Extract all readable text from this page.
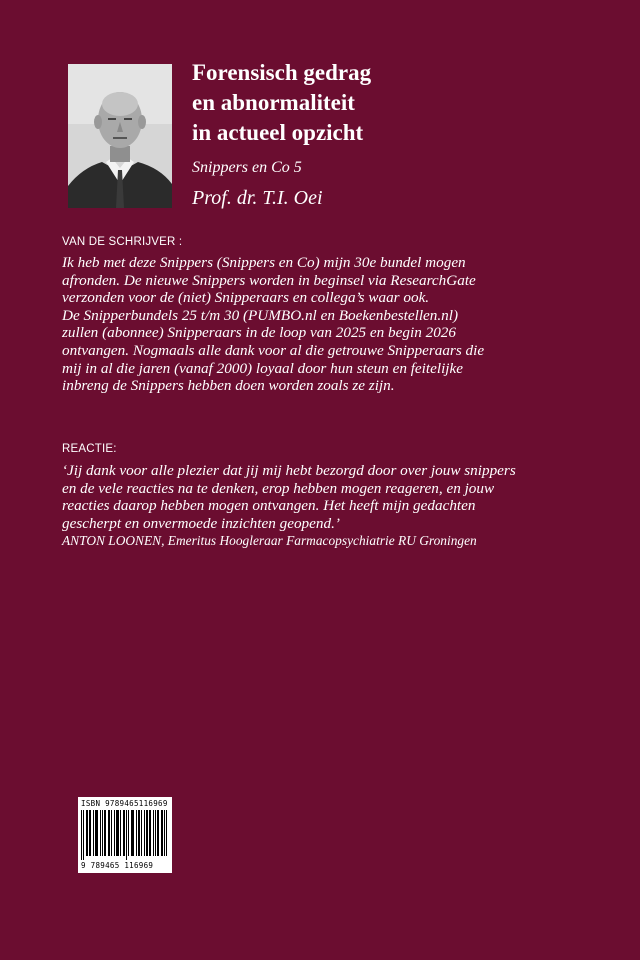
Forensisch gedrag
en abnormaliteit
in actueel opzicht
Snippers en Co 5
Prof. dr. T.I. Oei
VAN DE SCHRIJVER :
Ik heb met deze Snippers (Snippers en Co) mijn 30e bundel mogen
afronden. De nieuwe Snippers worden in beginsel via ResearchGate
verzonden voor de (niet) Snipperaars en collega’s waar ook.
De Snipperbundels 25 t/m 30 (PUMBO.nl en Boekenbestellen.nl)
zullen (abonnee) Snipperaars in de loop van 2025 en begin 2026
ontvangen. Nogmaals alle dank voor al die getrouwe Snipperaars die
mij in al die jaren (vanaf 2000) loyaal door hun steun en feitelijke
inbreng de Snippers hebben doen worden zoals ze zijn.
REACTIE:
‘Jij dank voor alle plezier dat jij mij hebt bezorgd door over jouw snippers
en de vele reacties na te denken, erop hebben mogen reageren, en jouw
reacties daarop hebben mogen ontvangen. Het heeft mijn gedachten
gescherpt en onvermoede inzichten geopend.’
ANTON LOONEN, Emeritus Hoogleraar Farmacopsychiatrie RU Groningen
ISBN 9789465116969
9 789465 116969
